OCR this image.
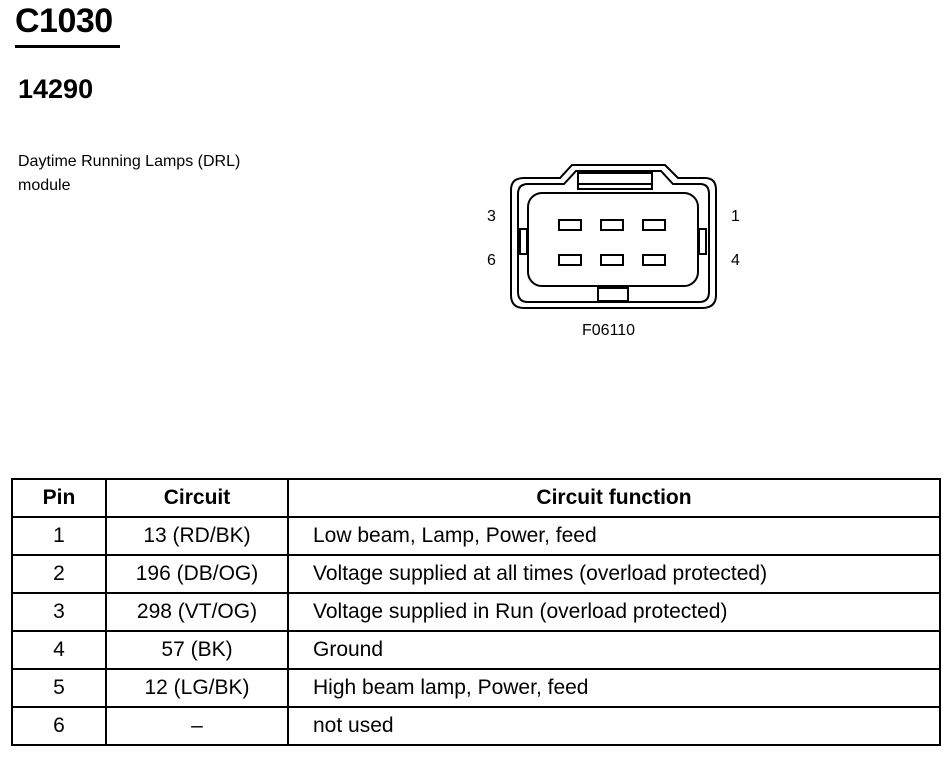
C1030
14290
Daytime Running Lamps (DRL)
module
3	1
6	4
F06110
Pin	Circuit	Circuit function
1	13 (RD/BK)	Low beam, Lamp, Power, feed
2	196 (DB/OG)	Voltage supplied at all times (overload protected)
3	298 (VT/OG)	Voltage supplied in Run (overload protected)
4	57 (BK)	Ground
5	12 (LG/BK)	High beam lamp, Power, feed
6	–	not used
